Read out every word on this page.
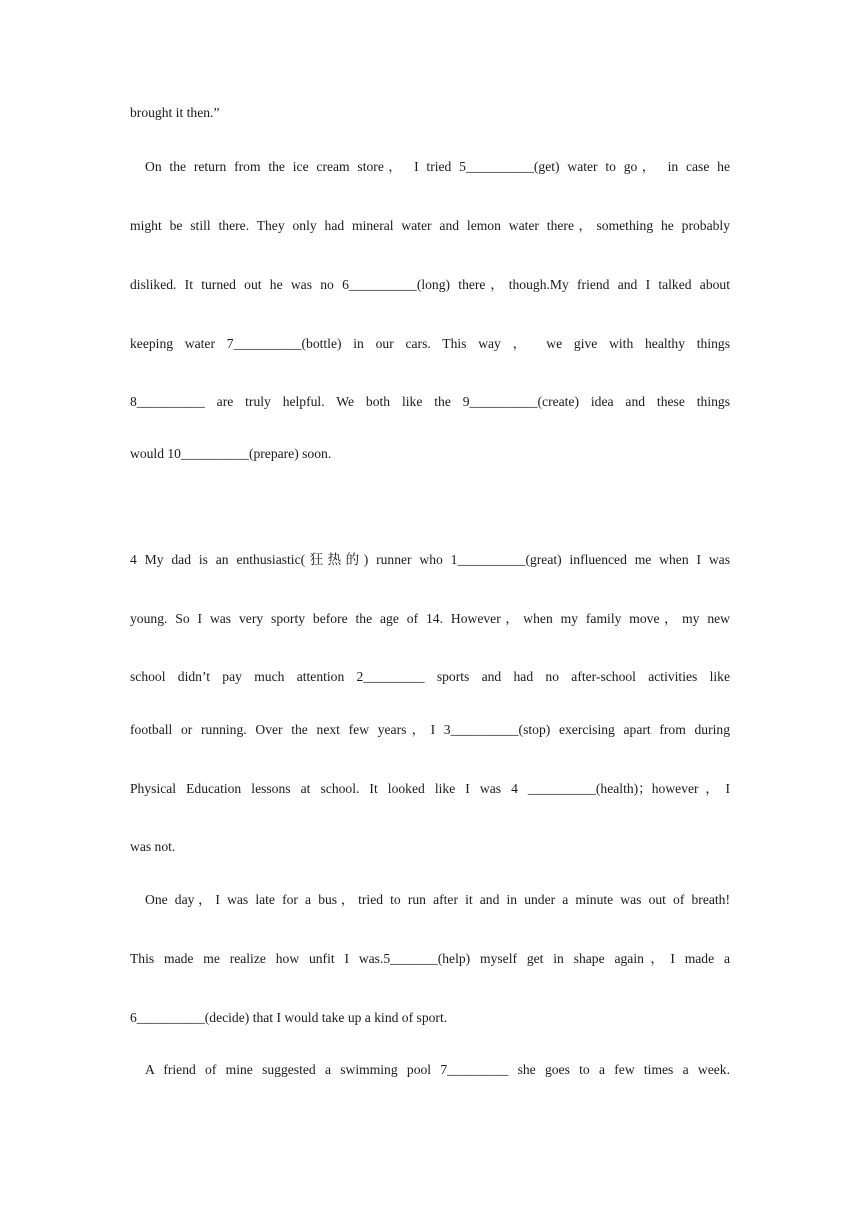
brought it then.”

On the return from the ice cream store， I tried 5__________(get) water to go， in case he

might be still there. They only had mineral water and lemon water there，something he probably

disliked. It turned out he was no 6__________(long) there，though.My friend and I talked about

keeping water 7__________(bottle) in our cars. This way ， we give with healthy things

8__________ are truly helpful. We both like the 9__________(create) idea and these things

would 10__________(prepare) soon.

4 My dad is an enthusiastic(狂热的) runner who 1__________(great) influenced me when I was

young. So I was very sporty before the age of 14. However，when my family move，my new

school didn’t pay much attention 2_________ sports and had no after-school activities like

football or running. Over the next few years，I 3__________(stop) exercising apart from during

Physical Education lessons at school. It looked like I was 4 __________(health)；however，I

was not.

One day，I was late for a bus，tried to run after it and in under a minute was out of breath!

This made me realize how unfit I was.5_______(help) myself get in shape again，I made a

6__________(decide) that I would take up a kind of sport.

A friend of mine suggested a swimming pool 7_________ she goes to a few times a week.
